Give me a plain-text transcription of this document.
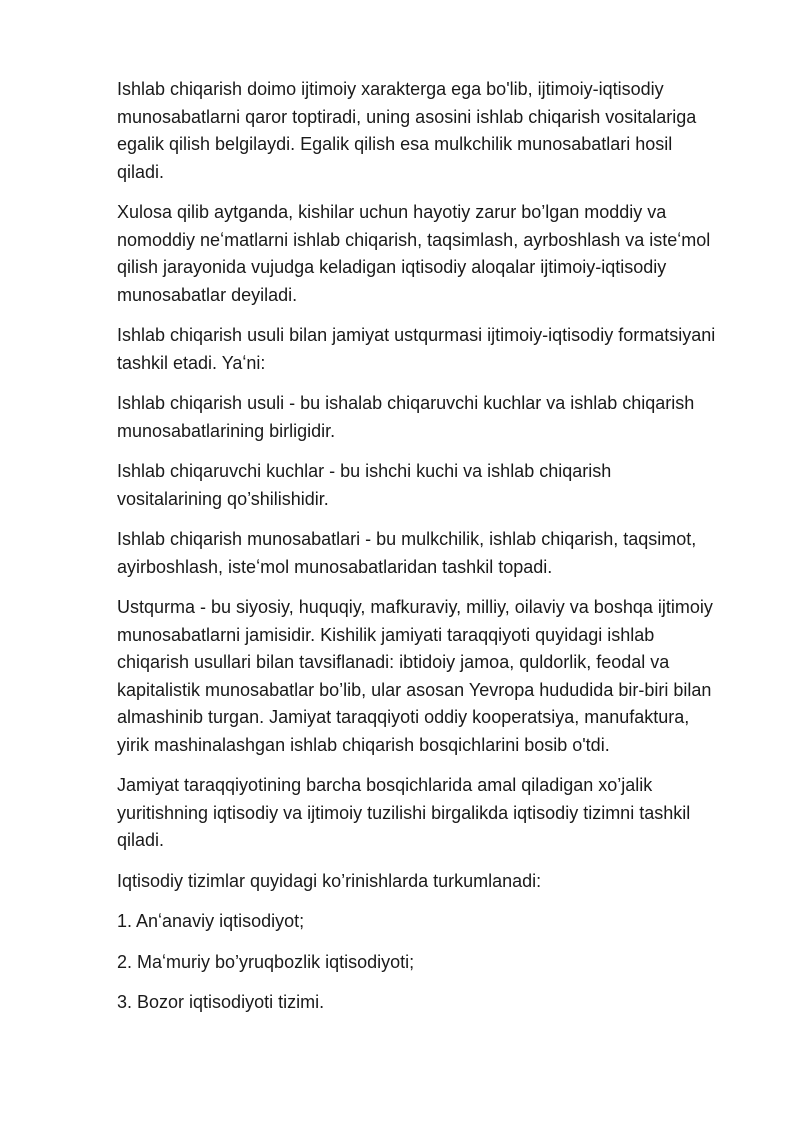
Ishlab chiqarish doimo ijtimoiy xarakterga ega bo'lib, ijtimoiy-iqtisodiy munosabatlarni qaror toptiradi, uning asosini ishlab chiqarish vositalariga egalik qilish belgilaydi. Egalik qilish esa mulkchilik munosabatlari hosil qiladi.

Xulosa qilib aytganda, kishilar uchun hayotiy zarur bo’lgan moddiy va nomoddiy neʻmatlarni ishlab chiqarish, taqsimlash, ayrboshlash va isteʻmol qilish jarayonida vujudga keladigan iqtisodiy aloqalar ijtimoiy-iqtisodiy munosabatlar deyiladi.

Ishlab chiqarish usuli bilan jamiyat ustqurmasi ijtimoiy-iqtisodiy formatsiyani tashkil etadi. Yaʻni:

Ishlab chiqarish usuli - bu ishalab chiqaruvchi kuchlar va ishlab chiqarish munosabatlarining birligidir.

Ishlab chiqaruvchi kuchlar - bu ishchi kuchi va ishlab chiqarish vositalarining qo’shilishidir.

Ishlab chiqarish munosabatlari - bu mulkchilik, ishlab chiqarish, taqsimot, ayirboshlash, isteʻmol munosabatlaridan tashkil topadi.

Ustqurma - bu siyosiy, huquqiy, mafkuraviy, milliy, oilaviy va boshqa ijtimoiy munosabatlarni jamisidir. Kishilik jamiyati taraqqiyoti quyidagi ishlab chiqarish usullari bilan tavsiflanadi: ibtidoiy jamoa, quldorlik, feodal va kapitalistik munosabatlar bo’lib, ular asosan Yevropa hududida bir-biri bilan almashinib turgan. Jamiyat taraqqiyoti oddiy kooperatsiya, manufaktura, yirik mashinalashgan ishlab chiqarish bosqichlarini bosib o'tdi.

Jamiyat taraqqiyotining barcha bosqichlarida amal qiladigan xo’jalik yuritishning iqtisodiy va ijtimoiy tuzilishi birgalikda iqtisodiy tizimni tashkil qiladi.

Iqtisodiy tizimlar quyidagi ko’rinishlarda turkumlanadi:

1. Anʻanaviy iqtisodiyot;

2. Maʻmuriy bo’yruqbozlik iqtisodiyoti;

3. Bozor iqtisodiyoti tizimi.
